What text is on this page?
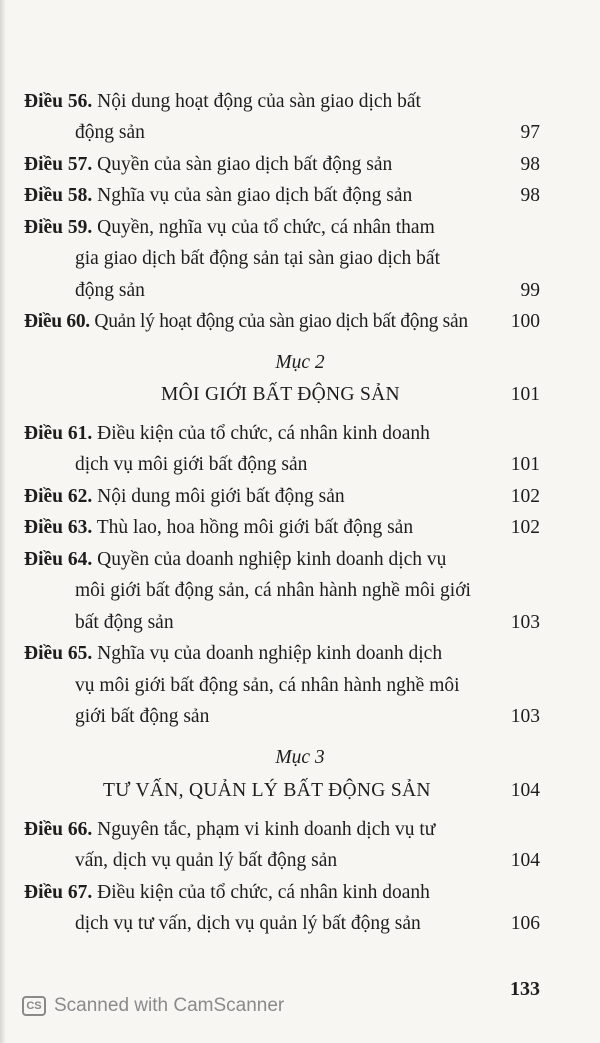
Điều 56. Nội dung hoạt động của sàn giao dịch bất
động sản	97
Điều 57. Quyền của sàn giao dịch bất động sản	98
Điều 58. Nghĩa vụ của sàn giao dịch bất động sản	98
Điều 59. Quyền, nghĩa vụ của tổ chức, cá nhân tham
gia giao dịch bất động sản tại sàn giao dịch bất
động sản	99
Điều 60. Quản lý hoạt động của sàn giao dịch bất động sản 100
Mục 2
MÔI GIỚI BẤT ĐỘNG SẢN	101
Điều 61. Điều kiện của tổ chức, cá nhân kinh doanh
dịch vụ môi giới bất động sản	101
Điều 62. Nội dung môi giới bất động sản	102
Điều 63. Thù lao, hoa hồng môi giới bất động sản	102
Điều 64. Quyền của doanh nghiệp kinh doanh dịch vụ
môi giới bất động sản, cá nhân hành nghề môi giới
bất động sản	103
Điều 65. Nghĩa vụ của doanh nghiệp kinh doanh dịch
vụ môi giới bất động sản, cá nhân hành nghề môi
giới bất động sản	103
Mục 3
TƯ VẤN, QUẢN LÝ BẤT ĐỘNG SẢN	104
Điều 66. Nguyên tắc, phạm vi kinh doanh dịch vụ tư
vấn, dịch vụ quản lý bất động sản	104
Điều 67. Điều kiện của tổ chức, cá nhân kinh doanh
dịch vụ tư vấn, dịch vụ quản lý bất động sản	106
133
CS Scanned with CamScanner
